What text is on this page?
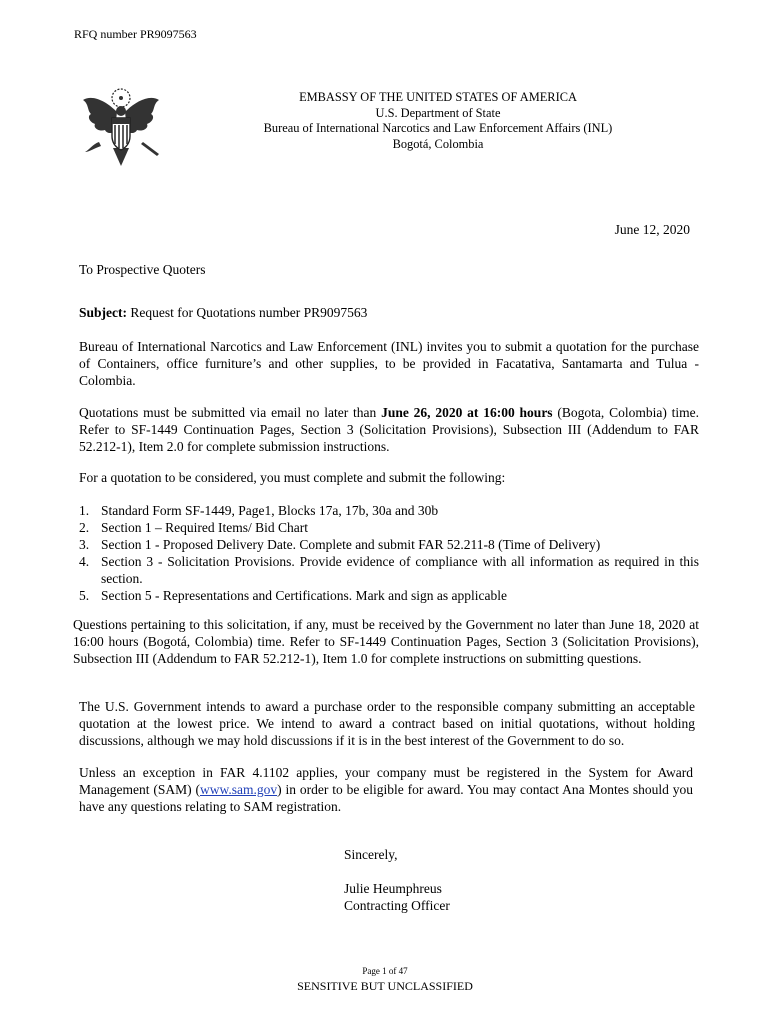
RFQ number PR9097563
EMBASSY OF THE UNITED STATES OF AMERICA
U.S. Department of State
Bureau of International Narcotics and Law Enforcement Affairs (INL)
Bogotá, Colombia
June 12, 2020
To Prospective Quoters
Subject: Request for Quotations number PR9097563
Bureau of International Narcotics and Law Enforcement (INL) invites you to submit a quotation for the purchase of Containers, office furniture’s and other supplies, to be provided in Facatativa, Santamarta and Tulua - Colombia.
Quotations must be submitted via email no later than June 26, 2020 at 16:00 hours (Bogota, Colombia) time. Refer to SF-1449 Continuation Pages, Section 3 (Solicitation Provisions), Subsection III (Addendum to FAR 52.212-1), Item 2.0 for complete submission instructions.
For a quotation to be considered, you must complete and submit the following:
1. Standard Form SF-1449, Page1, Blocks 17a, 17b, 30a and 30b
2. Section 1 – Required Items/ Bid Chart
3. Section 1 - Proposed Delivery Date. Complete and submit FAR 52.211-8 (Time of Delivery)
4. Section 3 - Solicitation Provisions. Provide evidence of compliance with all information as required in this section.
5. Section 5 - Representations and Certifications. Mark and sign as applicable
Questions pertaining to this solicitation, if any, must be received by the Government no later than June 18, 2020 at 16:00 hours (Bogotá, Colombia) time. Refer to SF-1449 Continuation Pages, Section 3 (Solicitation Provisions), Subsection III (Addendum to FAR 52.212-1), Item 1.0 for complete instructions on submitting questions.
The U.S. Government intends to award a purchase order to the responsible company submitting an acceptable quotation at the lowest price. We intend to award a contract based on initial quotations, without holding discussions, although we may hold discussions if it is in the best interest of the Government to do so.
Unless an exception in FAR 4.1102 applies, your company must be registered in the System for Award Management (SAM) (www.sam.gov) in order to be eligible for award. You may contact Ana Montes should you have any questions relating to SAM registration.
Sincerely,
Julie Heumphreus
Contracting Officer
Page 1 of 47
SENSITIVE BUT UNCLASSIFIED
